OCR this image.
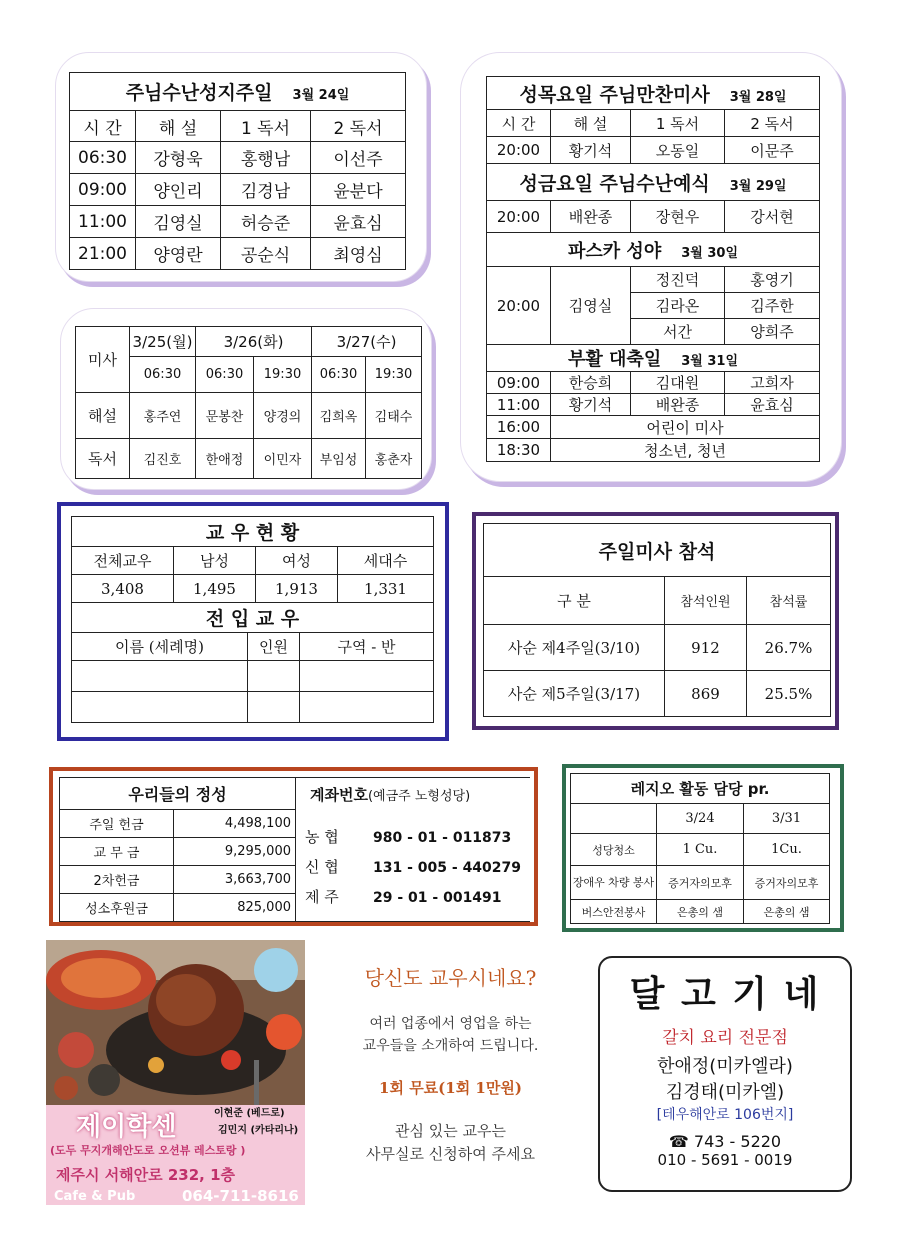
주님수난성지주일 3월 24일			
시 간	해 설	1 독서	2 독서
06:30	강형욱	홍행남	이선주
09:00	양인리	김경남	윤분다
11:00	김영실	허승준	윤효심
21:00	양영란	공순식	최영심
미사	3/25(월)	3/26(화)		3/27(수)	
	06:30	06:30	19:30	06:30	19:30
해설	홍주연	문봉찬	양경의	김희옥	김태수
독서	김진호	한애정	이민자	부임성	홍춘자
성목요일 주님만찬미사 3월 28일			
시 간	해 설	1 독서	2 독서
20:00	황기석	오동일	이문주
성금요일 주님수난예식 3월 29일			
20:00	배완종	장현우	강서현
파스카 성야 3월 30일			
20:00	김영실	정진덕	홍영기
		김라온	김주한
		서간	양희주
부활 대축일 3월 31일			
09:00	한승희	김대원	고희자
11:00	황기석	배완종	윤효심
16:00	어린이 미사		
18:30	청소년, 청년		
교 우 현 황			
전체교우	남성	여성	세대수
3,408	1,495	1,913	1,331
전 입 교 우		
이름 (세례명)	인원	구역 - 반

주일미사 참석		
구 분	참석인원	참석률
사순 제4주일(3/10)	912	26.7%
사순 제5주일(3/17)	869	25.5%
우리들의 정성	
주일 헌금	4,498,100
교 무 금	9,295,000
2차헌금	3,663,700
성소후원금	825,000
계좌번호(예금주 노형성당)
농 협 980 - 01 - 011873
신 협 131 - 005 - 440279
제 주 29 - 01 - 001491
레지오 활동 담당 pr.		
	3/24	3/31
성당청소	1 Cu.	1Cu.
장애우 차량 봉사	증거자의모후	증거자의모후
버스안전봉사	은총의 샘	은총의 샘
제이학센	이현준 (베드로)
김민지 (카타리나)
(도두 무지개해안도로 오션뷰 레스토랑 )
제주시 서해안로 232, 1층
Cafe & Pub	064-711-8616
당신도 교우시네요?
여러 업종에서 영업을 하는
교우들을 소개하여 드립니다.
1회 무료(1회 1만원)
관심 있는 교우는
사무실로 신청하여 주세요
달 고 기 네
갈치 요리 전문점
한애정(미카엘라)
김경태(미카엘)
[테우해안로 106번지]
☎ 743 - 5220
010 - 5691 - 0019
